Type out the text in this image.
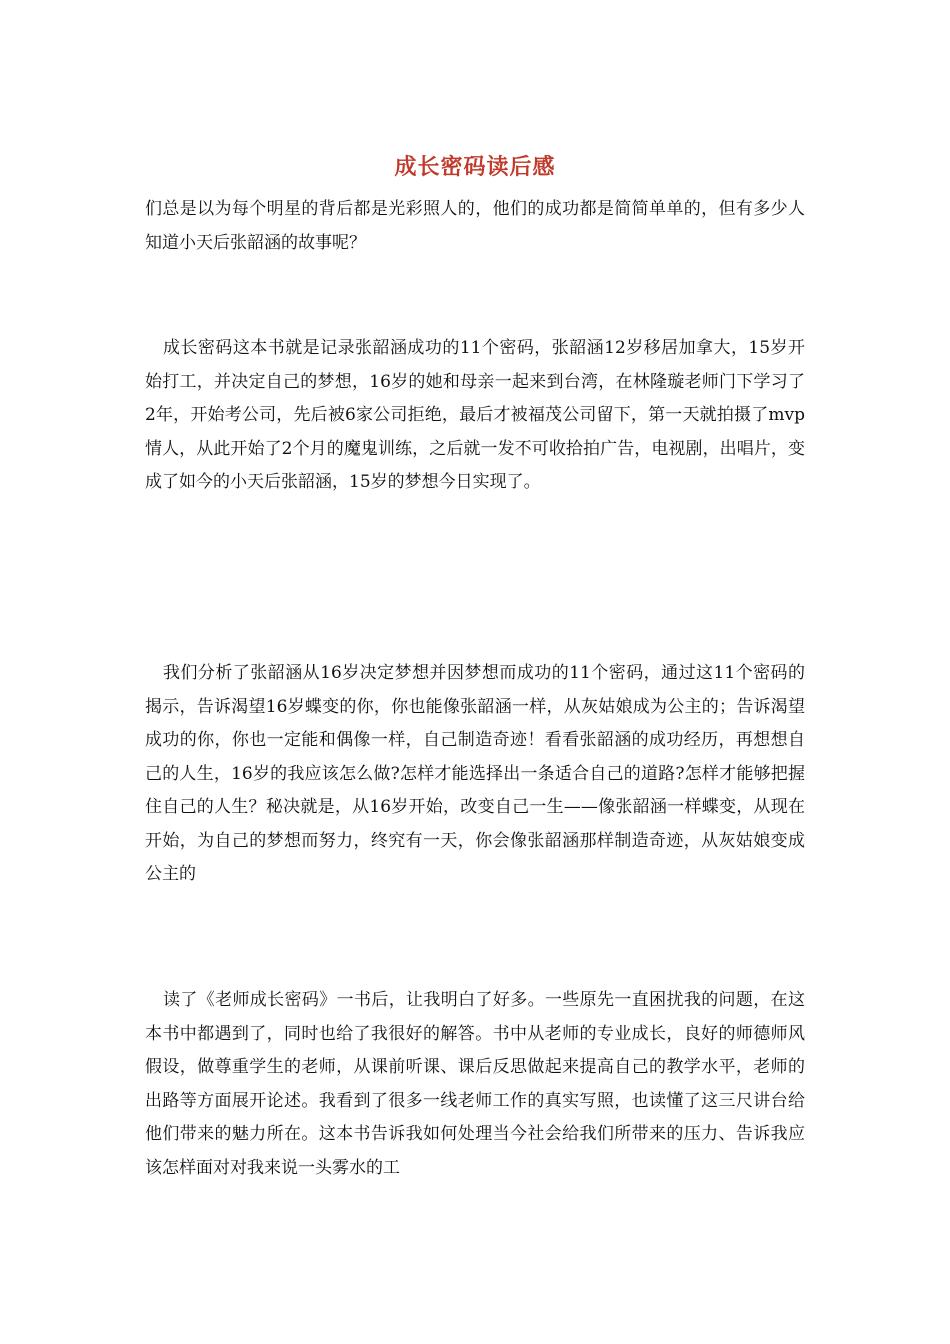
成长密码读后感

们总是以为每个明星的背后都是光彩照人的，他们的成功都是简简单单的，但有多少人知道小天后张韶涵的故事呢？

成长密码这本书就是记录张韶涵成功的11个密码，张韶涵12岁移居加拿大，15岁开始打工，并决定自己的梦想，16岁的她和母亲一起来到台湾，在林隆璇老师门下学习了2年，开始考公司，先后被6家公司拒绝，最后才被福茂公司留下，第一天就拍摄了mvp情人，从此开始了2个月的魔鬼训练，之后就一发不可收拾拍广告，电视剧，出唱片，变成了如今的小天后张韶涵，15岁的梦想今日实现了。

我们分析了张韶涵从16岁决定梦想并因梦想而成功的11个密码，通过这11个密码的揭示，告诉渴望16岁蝶变的你，你也能像张韶涵一样，从灰姑娘成为公主的；告诉渴望成功的你，你也一定能和偶像一样，自己制造奇迹！看看张韶涵的成功经历，再想想自己的人生，16岁的我应该怎么做?怎样才能选择出一条适合自己的道路?怎样才能够把握住自己的人生？秘决就是，从16岁开始，改变自己一生——像张韶涵一样蝶变，从现在开始，为自己的梦想而努力，终究有一天，你会像张韶涵那样制造奇迹，从灰姑娘变成公主的

读了《老师成长密码》一书后，让我明白了好多。一些原先一直困扰我的问题，在这本书中都遇到了，同时也给了我很好的解答。书中从老师的专业成长，良好的师德师风假设，做尊重学生的老师，从课前听课、课后反思做起来提高自己的教学水平，老师的出路等方面展开论述。我看到了很多一线老师工作的真实写照，也读懂了这三尺讲台给他们带来的魅力所在。这本书告诉我如何处理当今社会给我们所带来的压力、告诉我应该怎样面对对我来说一头雾水的工
